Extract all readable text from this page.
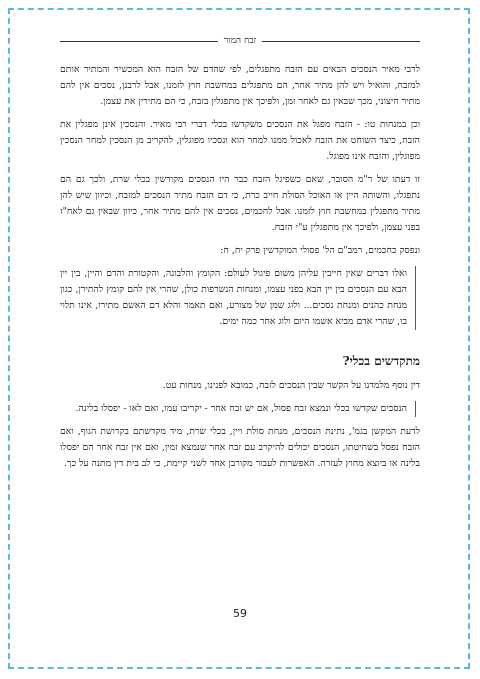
זבח המור

לרבי מאיר הנסכים הבאים עם הזבח מתפגלים, לפי שהדם של הזבח הוא המכשיר והמתיר אותם למזבח, והואיל ויש להן מתיר אחר, הם מתפגלים במחשבת חוץ לזמנו, אבל לרבנן, נסכים אין להם מתיר חיצוני, מכך שבאין גם לאחר זמן, ולפיכך אין מתפגלין בזבח, כי הם מתירין את עצמן.

וכן במנחות טו: - הזבח מפגל את הנסכים משקדשו בכלי דברי רבי מאיר. והנסכין אינן מפגלין את הזבח, כיצד השוחט את הזבח לאכול ממנו למחר הוא ונסכיו מפוגלין, להקריב מן הנסכין למחר הנסכין מפוגלין, והזבח אינו מפוגל.

זו דעתו של ר"מ הסובר, שאם כשפיגל הזבח כבר היו הנסכים מקודשין בכלי שרת, ולכך גם הם נתפגלו, והשותה היין או האוכל הסולת חייב כרת, כי דם הזבח מתיר הנסכים למזבח, וכיוון שיש להן מתיר מתפגלין במחשבת חוץ לזמנו. אבל לחכמים, נסכים אין להם מתיר אחר, כיוון שבאין גם לאח"ז בפני עצמן, ולפיכך אין מתפגלין ע"י הזבח.

ונפסק כחכמים, רמב"ם הל' פסולי המוקדשין פרק יח, ח:

ואלו דברים שאין חייבין עליהן משום פיגול לעולם: הקומץ והלבונה, והקטורת והדם והיין, בין יין הבא עם הנסכים בין יין הבא בפני עצמו, ומנחות הנשרפות כולן, שהרי אין להם קומץ להתירן, כגון מנחת כהנים ומנחת נסכים... ולוג שמן של מצורע, ואם תאמר והלא דם האשם מתירו, אינו תלוי בו, שהרי אדם מביא אשמו היום ולוג אחר כמה ימים.

מתקדשים בכלי?

דין נוסף מלמדנו על הקשר שבין הנסכים לזבח, כמובא לפנינו, מנחות עט.

הנסכים שקדשו בכלי ונמצא זבח פסול, אם יש זבח אחר - יקריבו עמו, ואם לאו - יפסלו בלינה.

לדעת המקשן בגמ', נתינת הנסכים, מנחת סולת ויין, בכלי שרת, מיד מקדשתם בקדושת הגוף, ואם הזבח נפסל בשחיטתו, הנסכים יכולים להיקרב עם זבח אחר שנמצא זמין, ואם אין זבח אחר הם יפסלו בלינה או ביוצא מחוץ לעזרה. האפשרות לעבור מקורבן אחד לשני קיימת, כי לב בית דין מתנה על כך.

59
